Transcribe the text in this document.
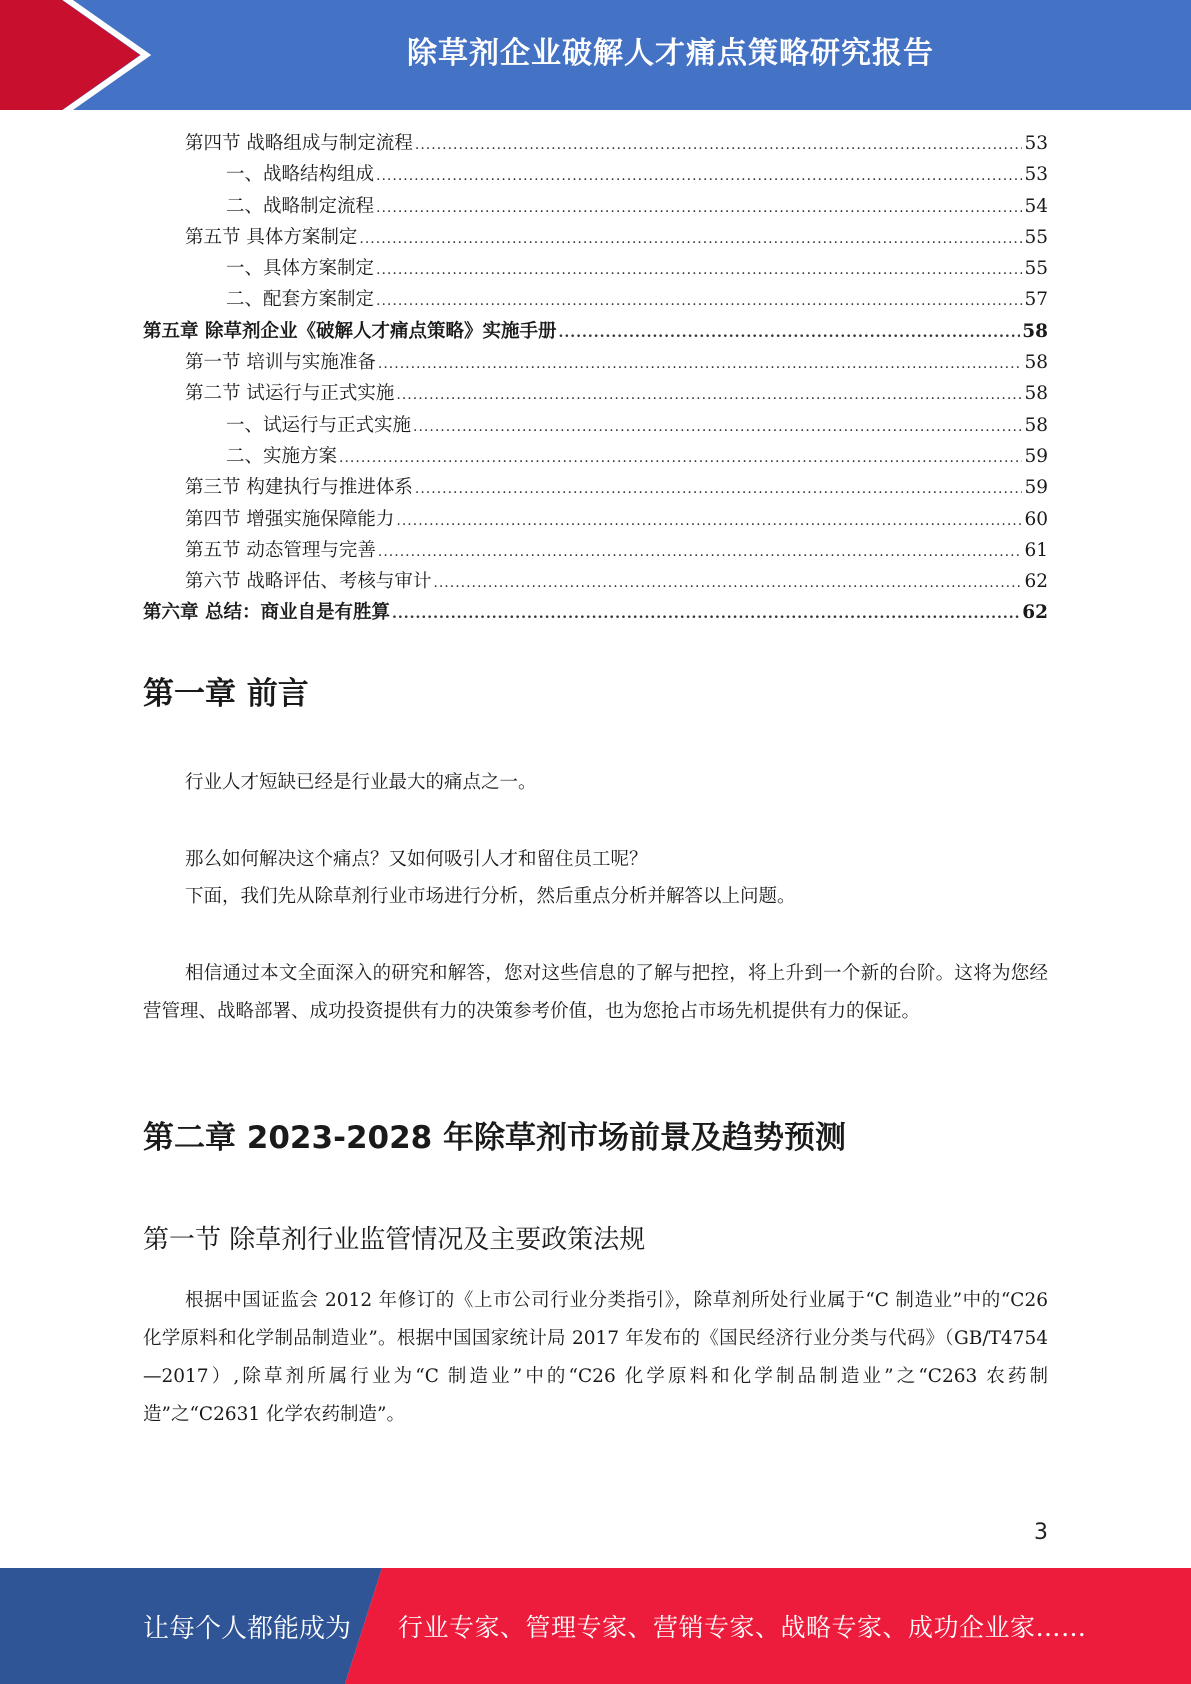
除草剂企业破解人才痛点策略研究报告
第四节 战略组成与制定流程 .....	53
一、战略结构组成 .....	53
二、战略制定流程 .....	54
第五节 具体方案制定 .....	55
一、具体方案制定 .....	55
二、配套方案制定 .....	57
第五章 除草剂企业《破解人才痛点策略》实施手册 .....	58
第一节 培训与实施准备 .....	58
第二节 试运行与正式实施 .....	58
一、试运行与正式实施 .....	58
二、实施方案 .....	59
第三节 构建执行与推进体系 .....	59
第四节 增强实施保障能力 .....	60
第五节 动态管理与完善 .....	61
第六节 战略评估、考核与审计 .....	62
第六章 总结：商业自是有胜算 .....	62
第一章 前言

行业人才短缺已经是行业最大的痛点之一。

那么如何解决这个痛点？又如何吸引人才和留住员工呢？

下面，我们先从除草剂行业市场进行分析，然后重点分析并解答以上问题。

相信通过本文全面深入的研究和解答，您对这些信息的了解与把控，将上升到一个新的台阶。这将为您经营管理、战略部署、成功投资提供有力的决策参考价值，也为您抢占市场先机提供有力的保证。

第二章 2023-2028 年除草剂市场前景及趋势预测
第一节 除草剂行业监管情况及主要政策法规

根据中国证监会 2012 年修订的《上市公司行业分类指引》，除草剂所处行业属于“C 制造业”中的“C26 化学原料和化学制品制造业”。根据中国国家统计局 2017 年发布的《国民经济行业分类与代码》（GB/T4754—2017）,除草剂所属行业为“C 制造业”中的“C26 化学原料和化学制品制造业”之“C263 农药制造”之“C2631 化学农药制造”。

3
让每个人都能成为 行业专家、管理专家、营销专家、战略专家、成功企业家……
